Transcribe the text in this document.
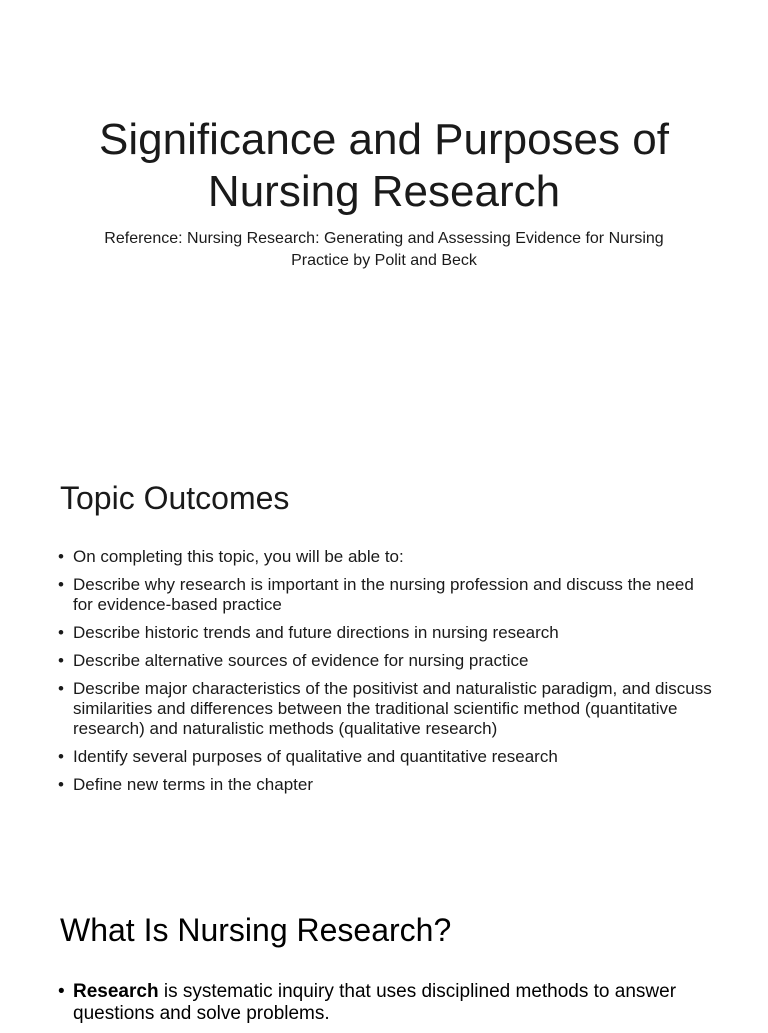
Significance and Purposes of Nursing Research

Reference: Nursing Research: Generating and Assessing Evidence for Nursing Practice by Polit and Beck

Topic Outcomes
• On completing this topic, you will be able to:
• Describe why research is important in the nursing profession and discuss the need for evidence-based practice
• Describe historic trends and future directions in nursing research
• Describe alternative sources of evidence for nursing practice
• Describe major characteristics of the positivist and naturalistic paradigm, and discuss similarities and differences between the traditional scientific method (quantitative research) and naturalistic methods (qualitative research)
• Identify several purposes of qualitative and quantitative research
• Define new terms in the chapter
What Is Nursing Research?
• Research is systematic inquiry that uses disciplined methods to answer questions and solve problems.
